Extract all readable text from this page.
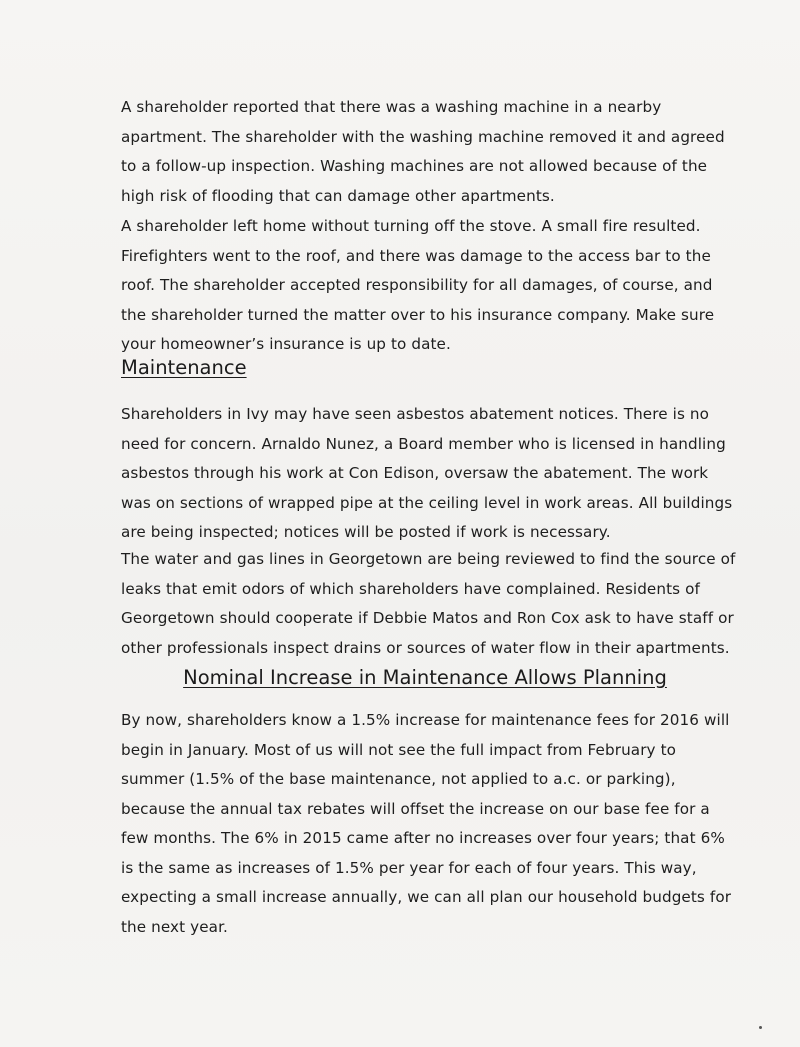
A shareholder reported that there was a washing machine in a nearby apartment. The shareholder with the washing machine removed it and agreed to a follow-up inspection. Washing machines are not allowed because of the high risk of flooding that can damage other apartments.

A shareholder left home without turning off the stove. A small fire resulted. Firefighters went to the roof, and there was damage to the access bar to the roof. The shareholder accepted responsibility for all damages, of course, and the shareholder turned the matter over to his insurance company. Make sure your homeowner’s insurance is up to date.

Maintenance

Shareholders in Ivy may have seen asbestos abatement notices. There is no need for concern. Arnaldo Nunez, a Board member who is licensed in handling asbestos through his work at Con Edison, oversaw the abatement. The work was on sections of wrapped pipe at the ceiling level in work areas. All buildings are being inspected; notices will be posted if work is necessary.

The water and gas lines in Georgetown are being reviewed to find the source of leaks that emit odors of which shareholders have complained. Residents of Georgetown should cooperate if Debbie Matos and Ron Cox ask to have staff or other professionals inspect drains or sources of water flow in their apartments.

Nominal Increase in Maintenance Allows Planning

By now, shareholders know a 1.5% increase for maintenance fees for 2016 will begin in January. Most of us will not see the full impact from February to summer (1.5% of the base maintenance, not applied to a.c. or parking), because the annual tax rebates will offset the increase on our base fee for a few months. The 6% in 2015 came after no increases over four years; that 6% is the same as increases of 1.5% per year for each of four years. This way, expecting a small increase annually, we can all plan our household budgets for the next year.
